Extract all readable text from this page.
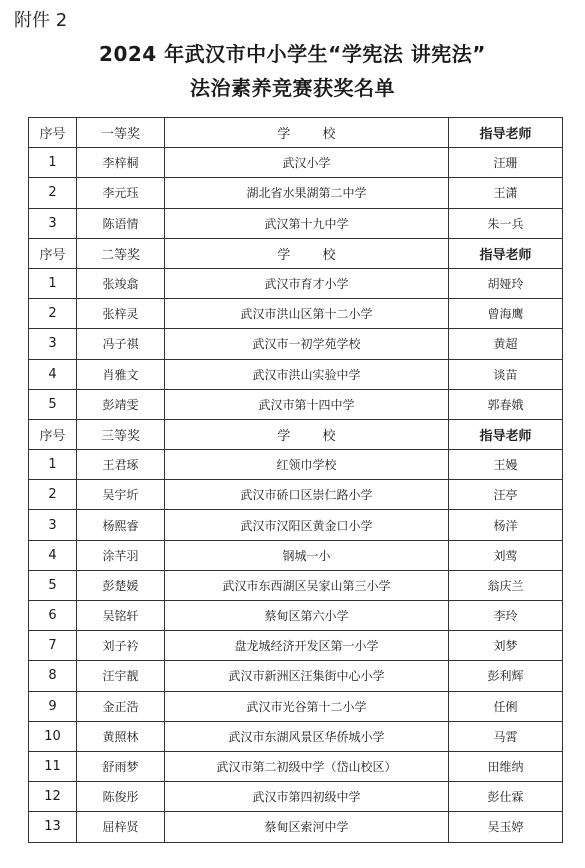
附件 2
2024 年武汉市中小学生“学宪法 讲宪法”
法治素养竞赛获奖名单
序号	一等奖	学 校	指导老师
1	李梓桐	武汉小学	汪珊
2	李元珏	湖北省水果湖第二中学	王潇
3	陈语情	武汉第十九中学	朱一兵
序号	二等奖	学 校	指导老师
1	张竣翕	武汉市育才小学	胡娅玲
2	张梓灵	武汉市洪山区第十二小学	曾海鹰
3	冯子祺	武汉市一初学苑学校	黄超
4	肖雅文	武汉市洪山实验中学	谈苗
5	彭靖雯	武汉市第十四中学	郭春娥
序号	三等奖	学 校	指导老师
1	王君琢	红领巾学校	王嫚
2	吴宇圻	武汉市硚口区崇仁路小学	汪亭
3	杨熙睿	武汉市汉阳区黄金口小学	杨洋
4	涂芊羽	钢城一小	刘莺
5	彭楚媛	武汉市东西湖区吴家山第三小学	翁庆兰
6	吴铭轩	蔡甸区第六小学	李玲
7	刘子衿	盘龙城经济开发区第一小学	刘梦
8	汪宇靓	武汉市新洲区汪集街中心小学	彭利辉
9	金正浩	武汉市光谷第十二小学	任俐
10	黄照林	武汉市东湖风景区华侨城小学	马霄
11	舒雨梦	武汉市第二初级中学（岱山校区）	田维纳
12	陈俊彤	武汉市第四初级中学	彭仕霖
13	屈梓贤	蔡甸区索河中学	吴玉婷
